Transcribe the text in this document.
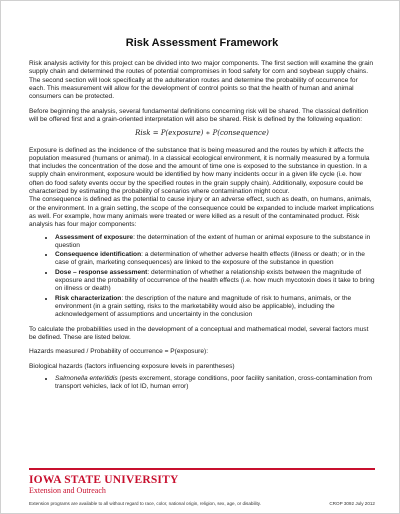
Risk Assessment Framework

Risk analysis activity for this project can be divided into two major components. The first section will examine the grain supply chain and determined the routes of potential compromises in food safety for corn and soybean supply chains. The second section will look specifically at the adulteration routes and determine the probability of occurrence for each. This measurement will allow for the development of control points so that the health of human and animal consumers can be protected.

Before beginning the analysis, several fundamental definitions concerning risk will be shared. The classical definition will be offered first and a grain-oriented interpretation will also be shared. Risk is defined by the following equation:

Risk = P(exposure) ∗ P(consequence)

Exposure is defined as the incidence of the substance that is being measured and the routes by which it affects the population measured (humans or animal). In a classical ecological environment, it is normally measured by a formula that includes the concentration of the dose and the amount of time one is exposed to the substance in question. In a supply chain environment, exposure would be identified by how many incidents occur in a given life cycle (i.e. how often do food safety events occur by the specified routes in the grain supply chain). Additionally, exposure could be characterized by estimating the probability of scenarios where contamination might occur.

The consequence is defined as the potential to cause injury or an adverse effect, such as death, on humans, animals, or the environment. In a grain setting, the scope of the consequence could be expanded to include market implications as well. For example, how many animals were treated or were killed as a result of the contaminated product. Risk analysis has four major components:

• Assessment of exposure: the determination of the extent of human or animal exposure to the substance in question
• Consequence identification: a determination of whether adverse health effects (illness or death; or in the case of grain, marketing consequences) are linked to the exposure of the substance in question
• Dose – response assessment: determination of whether a relationship exists between the magnitude of exposure and the probability of occurrence of the health effects (i.e. how much mycotoxin does it take to bring on illness or death)
• Risk characterization: the description of the nature and magnitude of risk to humans, animals, or the environment (in a grain setting, risks to the marketability would also be applicable), including the acknowledgement of assumptions and uncertainty in the conclusion

To calculate the probabilities used in the development of a conceptual and mathematical model, several factors must be defined. These are listed below.

Hazards measured / Probability of occurrence = P(exposure):

Biological hazards (factors influencing exposure levels in parentheses)

• Salmonella enteritidis (pests excrement, storage conditions, poor facility sanitation, cross-contamination from transport vehicles, lack of lot ID, human error)
IOWA STATE UNIVERSITY
Extension and Outreach
Extension programs are available to all without regard to race, color, national origin, religion, sex, age, or disability.	CROP 3092 July 2012
